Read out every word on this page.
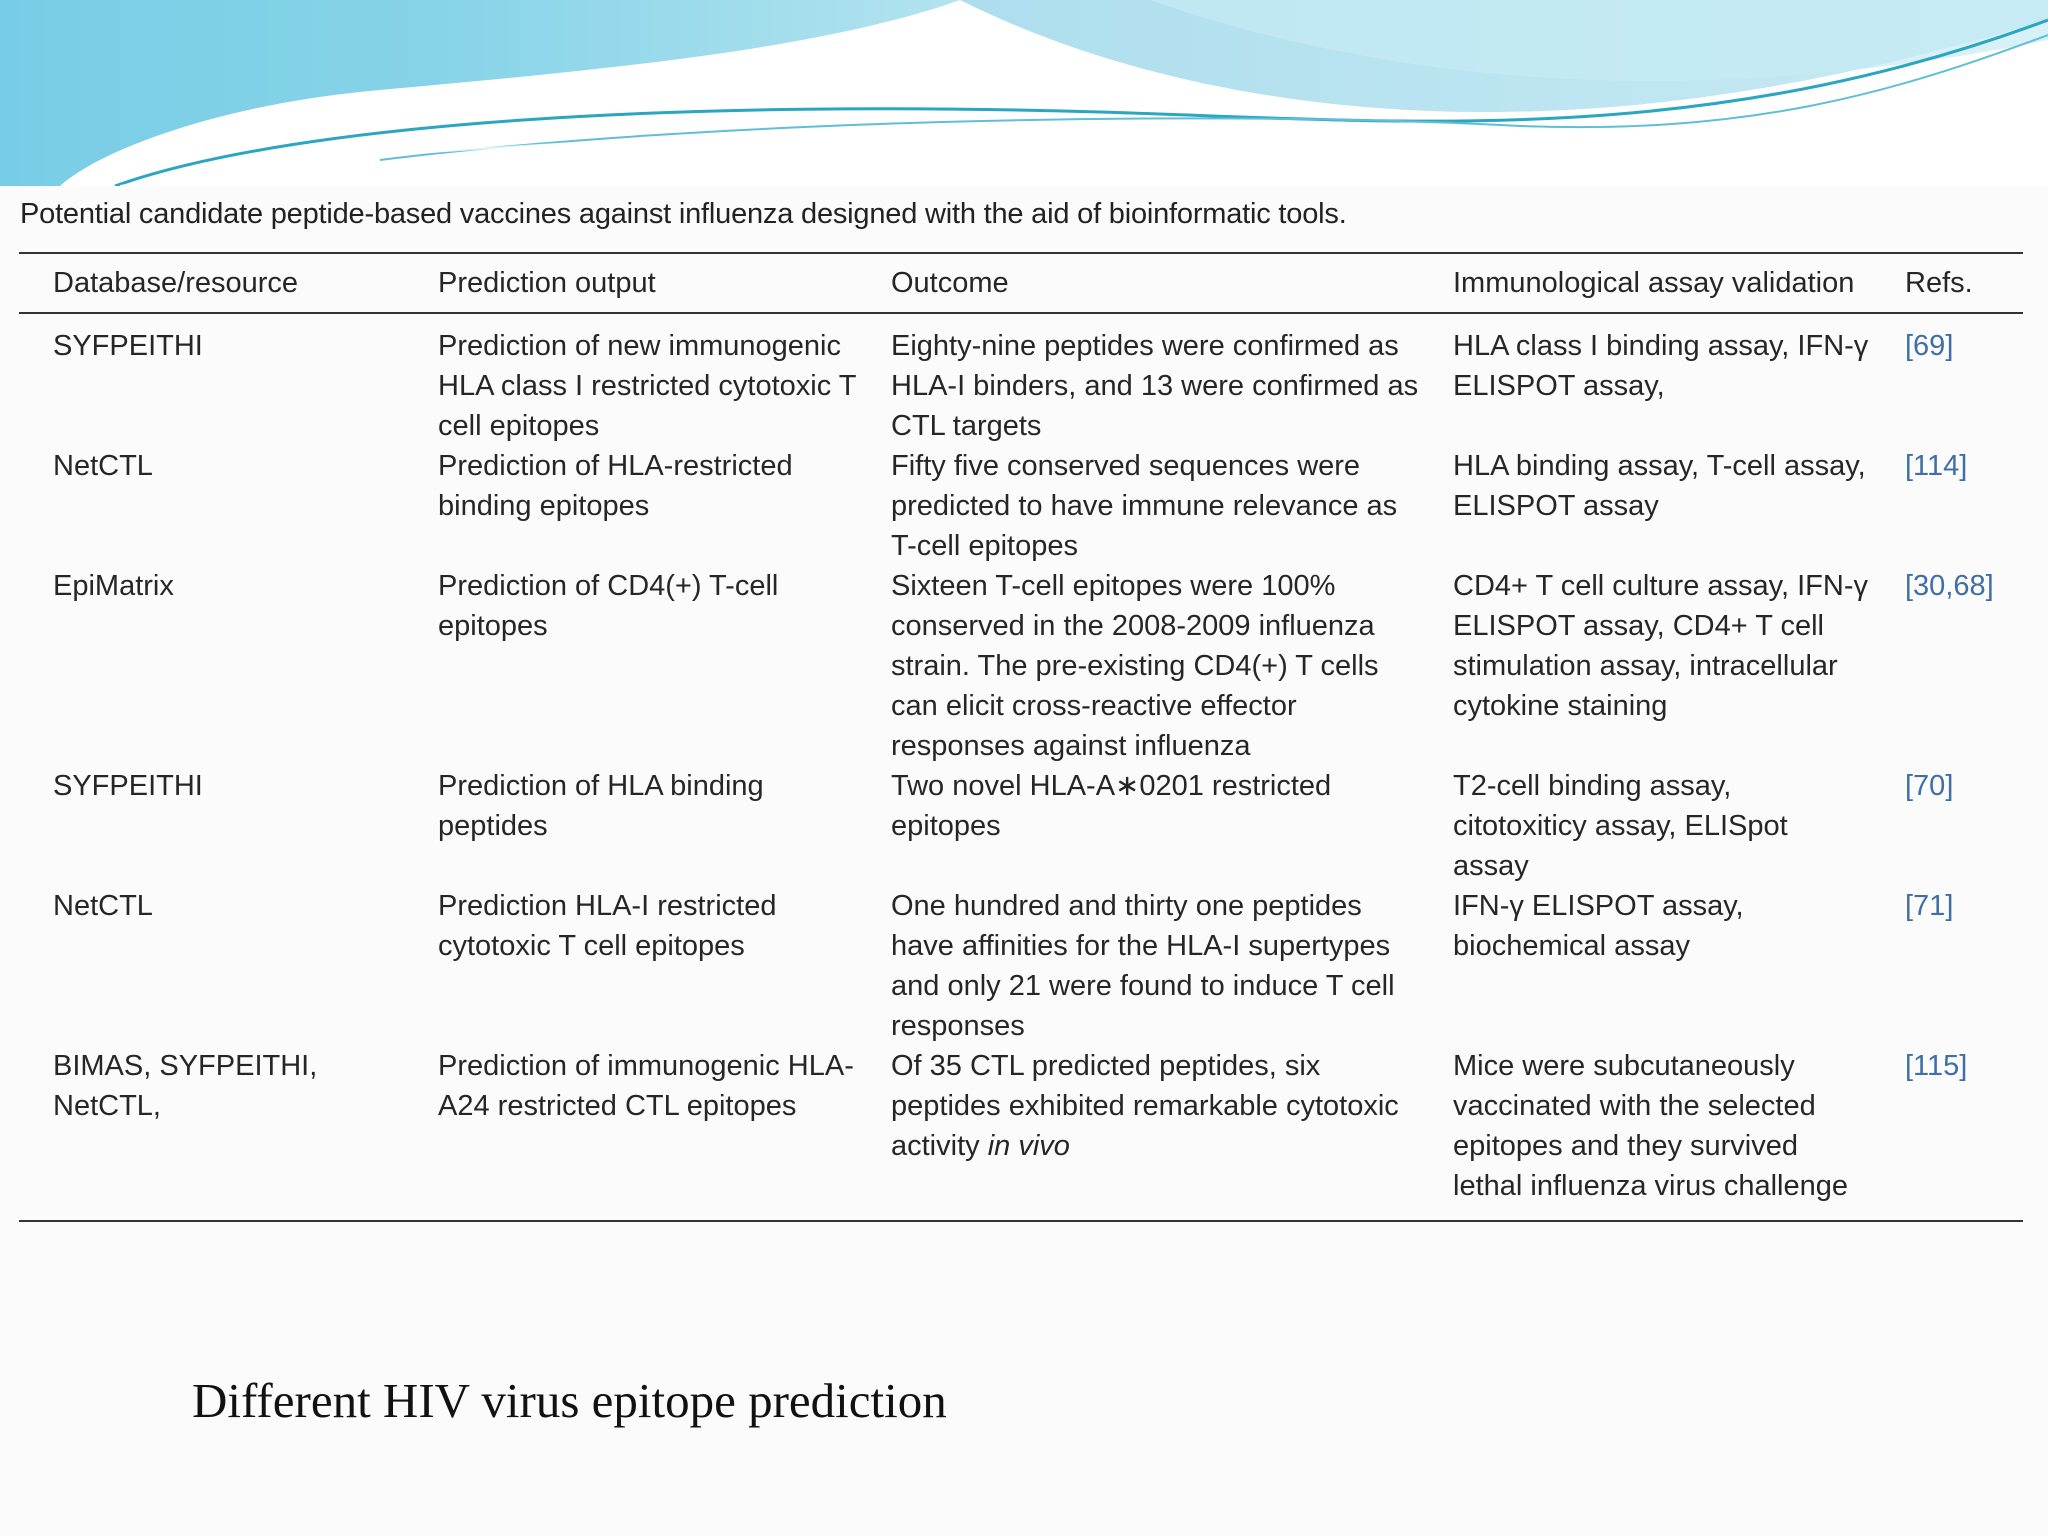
Potential candidate peptide-based vaccines against influenza designed with the aid of bioinformatic tools.
Database/resource	Prediction output	Outcome	Immunological assay validation	Refs.
SYFPEITHI	Prediction of new immunogenic HLA class I restricted cytotoxic T cell epitopes	Eighty-nine peptides were confirmed as HLA-I binders, and 13 were confirmed as CTL targets	HLA class I binding assay, IFN-γ ELISPOT assay,	[69]
NetCTL	Prediction of HLA-restricted binding epitopes	Fifty five conserved sequences were predicted to have immune relevance as T-cell epitopes	HLA binding assay, T-cell assay, ELISPOT assay	[114]
EpiMatrix	Prediction of CD4(+) T-cell epitopes	Sixteen T-cell epitopes were 100% conserved in the 2008-2009 influenza strain. The pre-existing CD4(+) T cells can elicit cross-reactive effector responses against influenza	CD4+ T cell culture assay, IFN-γ ELISPOT assay, CD4+ T cell stimulation assay, intracellular cytokine staining	[30,68]
SYFPEITHI	Prediction of HLA binding peptides	Two novel HLA-A∗0201 restricted epitopes	T2-cell binding assay, citotoxiticy assay, ELISpot assay	[70]
NetCTL	Prediction HLA-I restricted cytotoxic T cell epitopes	One hundred and thirty one peptides have affinities for the HLA-I supertypes and only 21 were found to induce T cell responses	IFN-γ ELISPOT assay, biochemical assay	[71]
BIMAS, SYFPEITHI, NetCTL,	Prediction of immunogenic HLA-A24 restricted CTL epitopes	Of 35 CTL predicted peptides, six peptides exhibited remarkable cytotoxic activity in vivo	Mice were subcutaneously vaccinated with the selected epitopes and they survived lethal influenza virus challenge	[115]
Different HIV virus epitope prediction
